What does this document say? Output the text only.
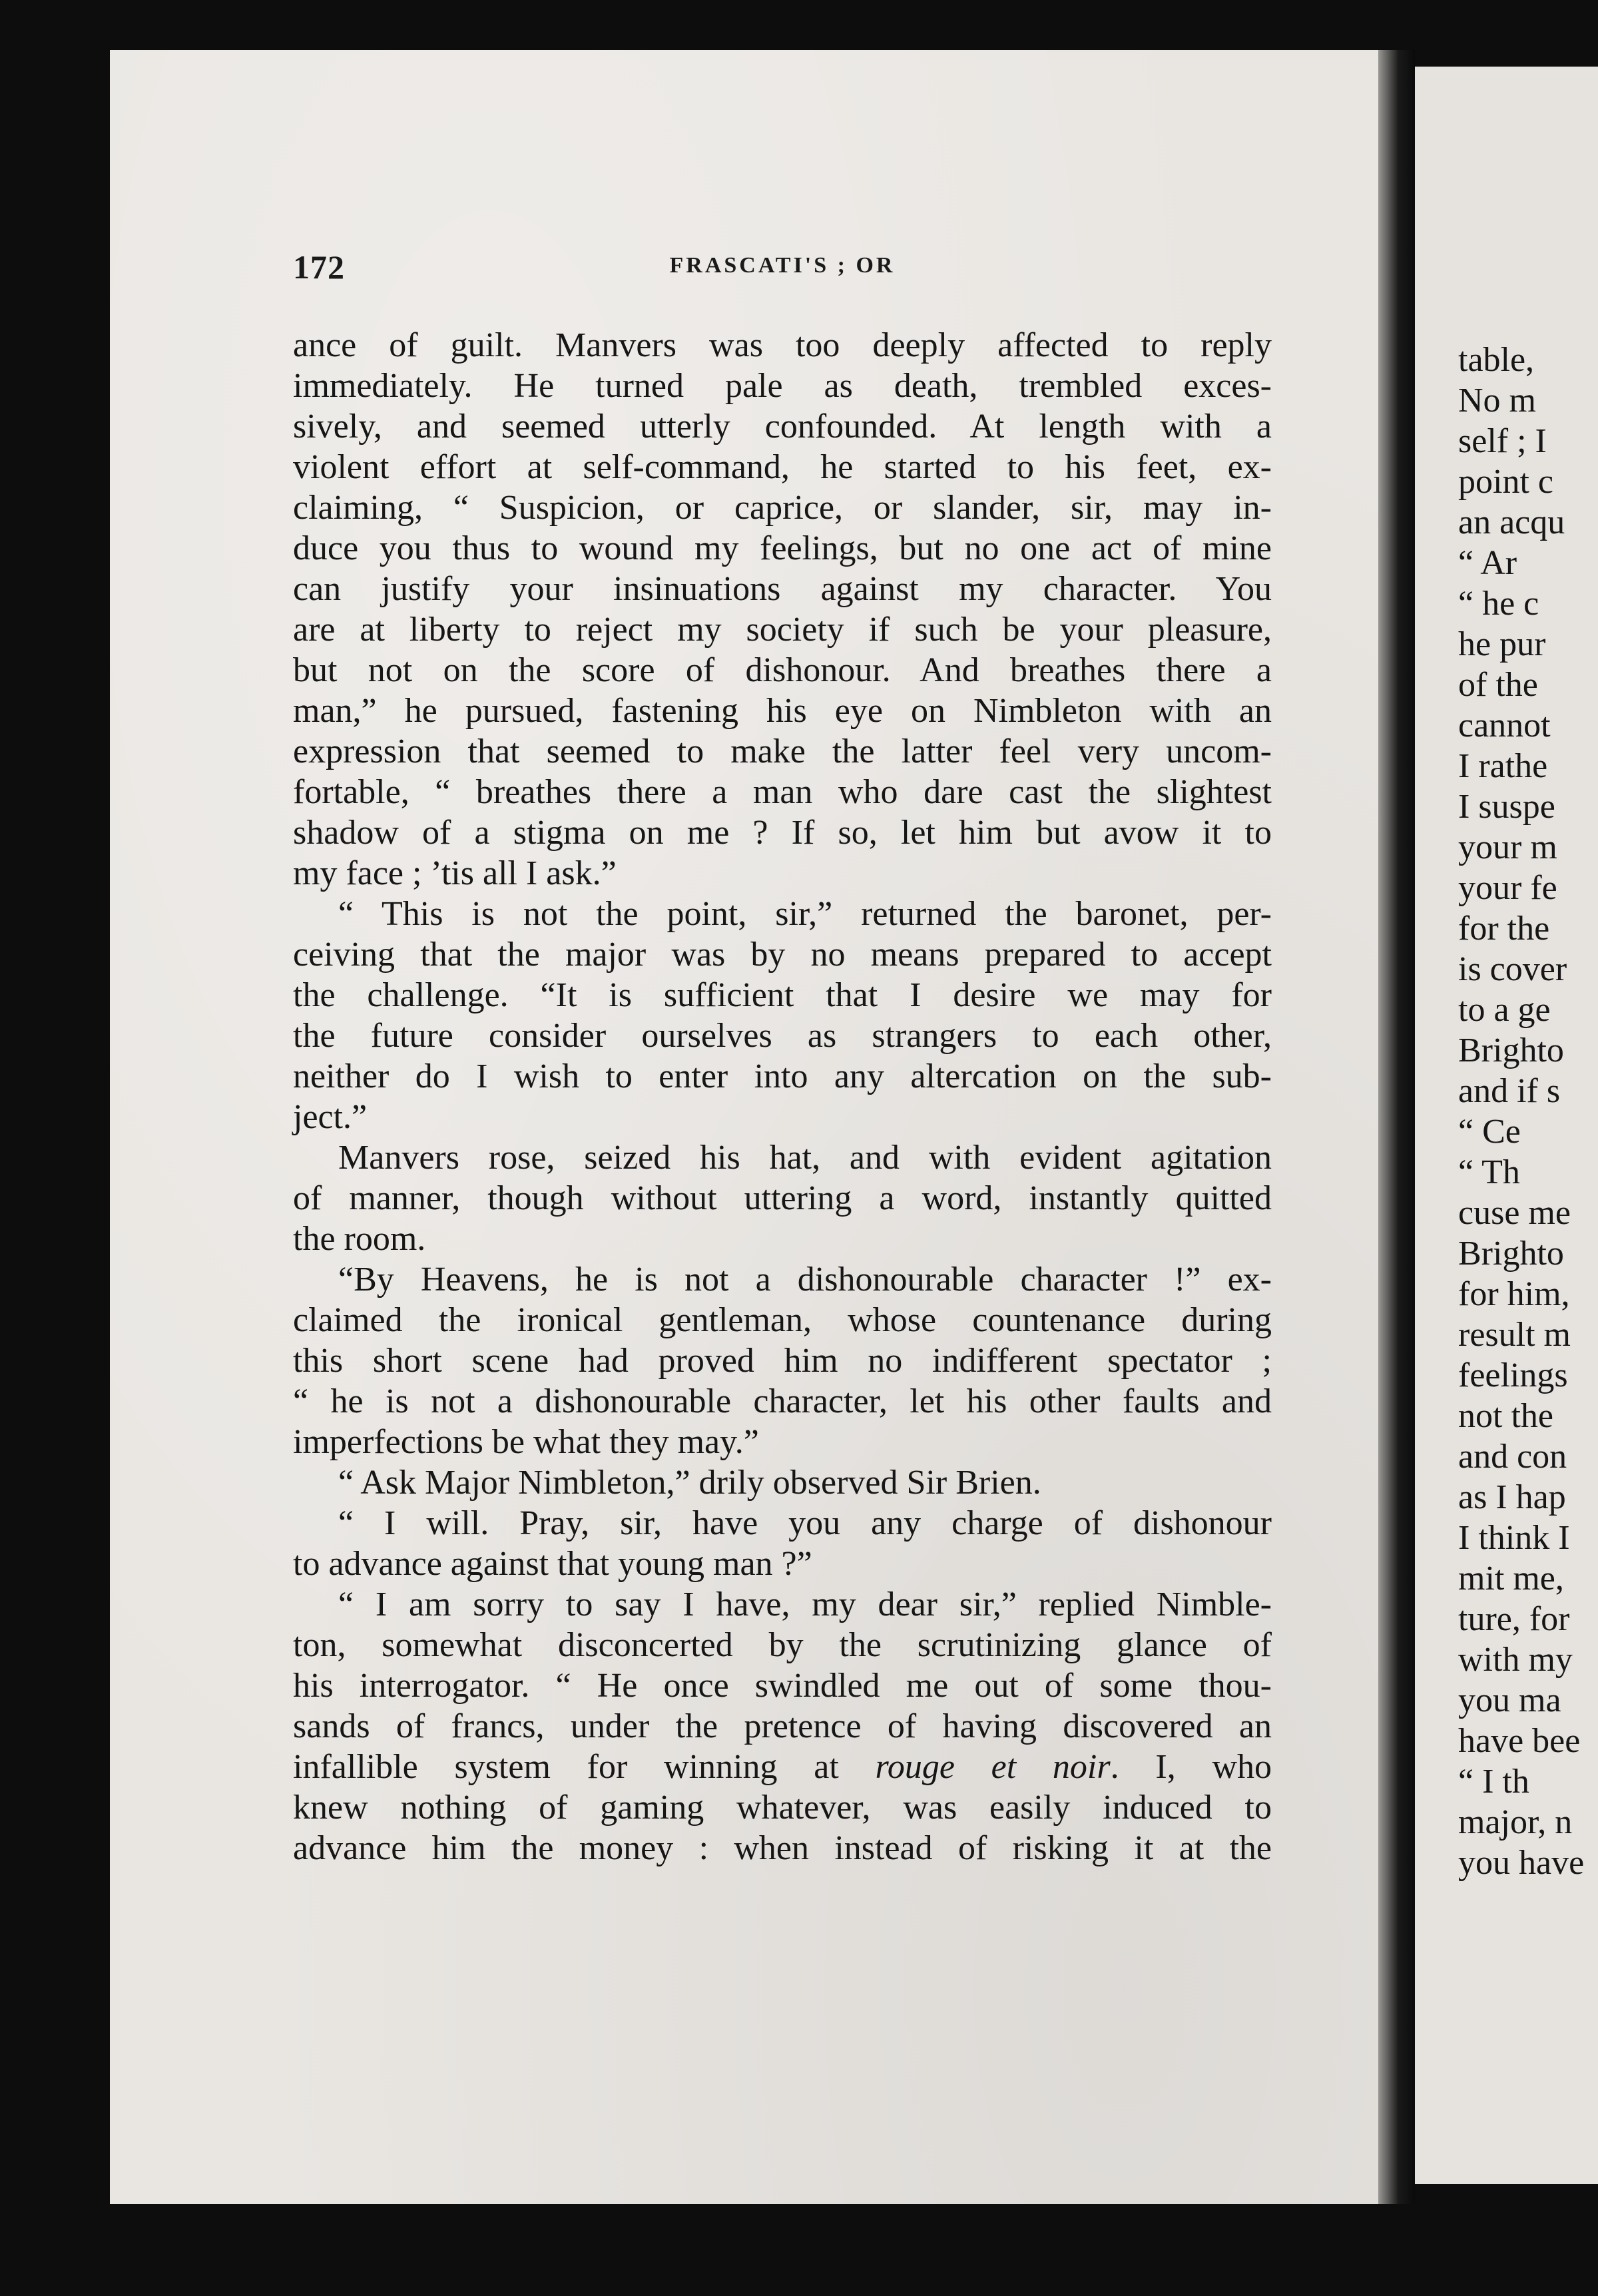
172	FRASCATI'S ; OR
ance of guilt. Manvers was too deeply affected to reply
immediately. He turned pale as death, trembled exces-
sively, and seemed utterly confounded. At length with a
violent effort at self-command, he started to his feet, ex-
claiming, “ Suspicion, or caprice, or slander, sir, may in-
duce you thus to wound my feelings, but no one act of mine
can justify your insinuations against my character. You
are at liberty to reject my society if such be your pleasure,
but not on the score of dishonour. And breathes there a
man,” he pursued, fastening his eye on Nimbleton with an
expression that seemed to make the latter feel very uncom-
fortable, “ breathes there a man who dare cast the slightest
shadow of a stigma on me ? If so, let him but avow it to
my face ; ’tis all I ask.”
“ This is not the point, sir,” returned the baronet, per-
ceiving that the major was by no means prepared to accept
the challenge. “It is sufficient that I desire we may for
the future consider ourselves as strangers to each other,
neither do I wish to enter into any altercation on the sub-
ject.”
Manvers rose, seized his hat, and with evident agitation
of manner, though without uttering a word, instantly quitted
the room.
“By Heavens, he is not a dishonourable character !” ex-
claimed the ironical gentleman, whose countenance during
this short scene had proved him no indifferent spectator ;
“ he is not a dishonourable character, let his other faults and
imperfections be what they may.”
“ Ask Major Nimbleton,” drily observed Sir Brien.
“ I will. Pray, sir, have you any charge of dishonour
to advance against that young man ?”
“ I am sorry to say I have, my dear sir,” replied Nimble-
ton, somewhat disconcerted by the scrutinizing glance of
his interrogator. “ He once swindled me out of some thou-
sands of francs, under the pretence of having discovered an
infallible system for winning at rouge et noir. I, who
knew nothing of gaming whatever, was easily induced to
advance him the money : when instead of risking it at the
table,
No m
self ; I
point c
an acqu
“ Ar
“ he c
he pur
of the
cannot
I rathe
I suspe
your m
your fe
for the
is cover
to a ge
Brighto
and if s
“ Ce
“ Th
cuse me
Brighto
for him,
result m
feelings
not the
and con
as I hap
I think I
mit me,
ture, for
with my
you ma
have bee
“ I th
major, n
you have
